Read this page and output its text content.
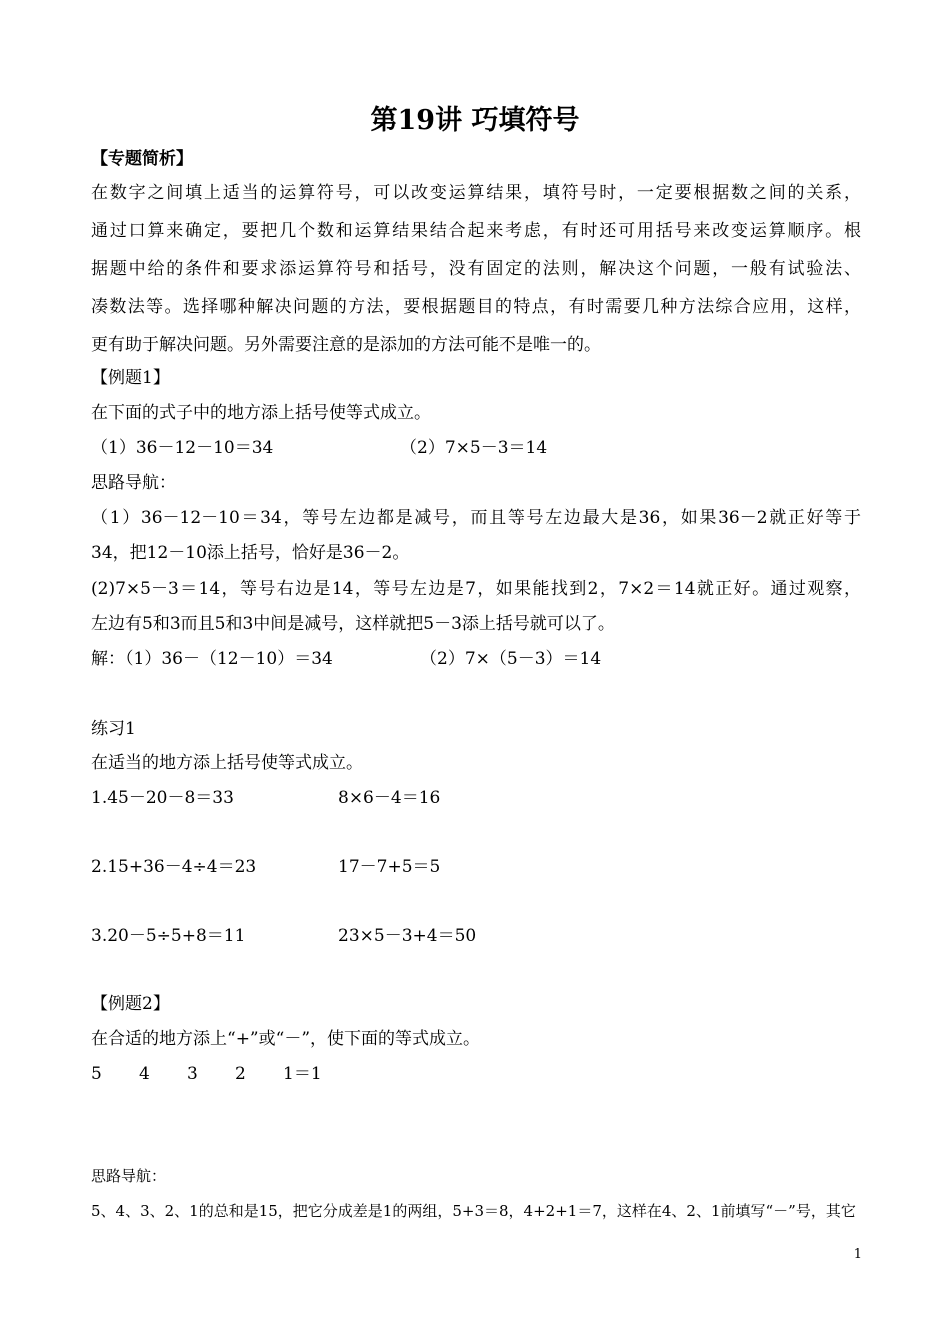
第19讲 巧填符号
【专题简析】
在数字之间填上适当的运算符号，可以改变运算结果，填符号时，一定要根据数之间的关系，
通过口算来确定，要把几个数和运算结果结合起来考虑，有时还可用括号来改变运算顺序。根
据题中给的条件和要求添运算符号和括号，没有固定的法则，解决这个问题，一般有试验法、
凑数法等。选择哪种解决问题的方法，要根据题目的特点，有时需要几种方法综合应用，这样，
更有助于解决问题。另外需要注意的是添加的方法可能不是唯一的。
【例题1】
在下面的式子中的地方添上括号使等式成立。
（1）36－12－10＝34	（2）7×5－3＝14
思路导航：
（1）36－12－10＝34，等号左边都是减号，而且等号左边最大是36，如果36－2就正好等于
34，把12－10添上括号，恰好是36－2。
(2)7×5－3＝14，等号右边是14，等号左边是7，如果能找到2，7×2＝14就正好。通过观察，
左边有5和3而且5和3中间是减号，这样就把5－3添上括号就可以了。
解：（1）36－（12－10）＝34	（2）7×（5－3）＝14
练习1
在适当的地方添上括号使等式成立。
1.45－20－8＝33	8×6－4＝16
2.15+36－4÷4＝23	17－7+5＝5
3.20－5÷5+8＝11	23×5－3+4＝50
【例题2】
在合适的地方添上“+”或“－”，使下面的等式成立。
5 4 3 2 1＝1
思路导航：
5、4、3、2、1的总和是15，把它分成差是1的两组，5+3＝8，4+2+1＝7，这样在4、2、1前填写“－”号，其它
1
